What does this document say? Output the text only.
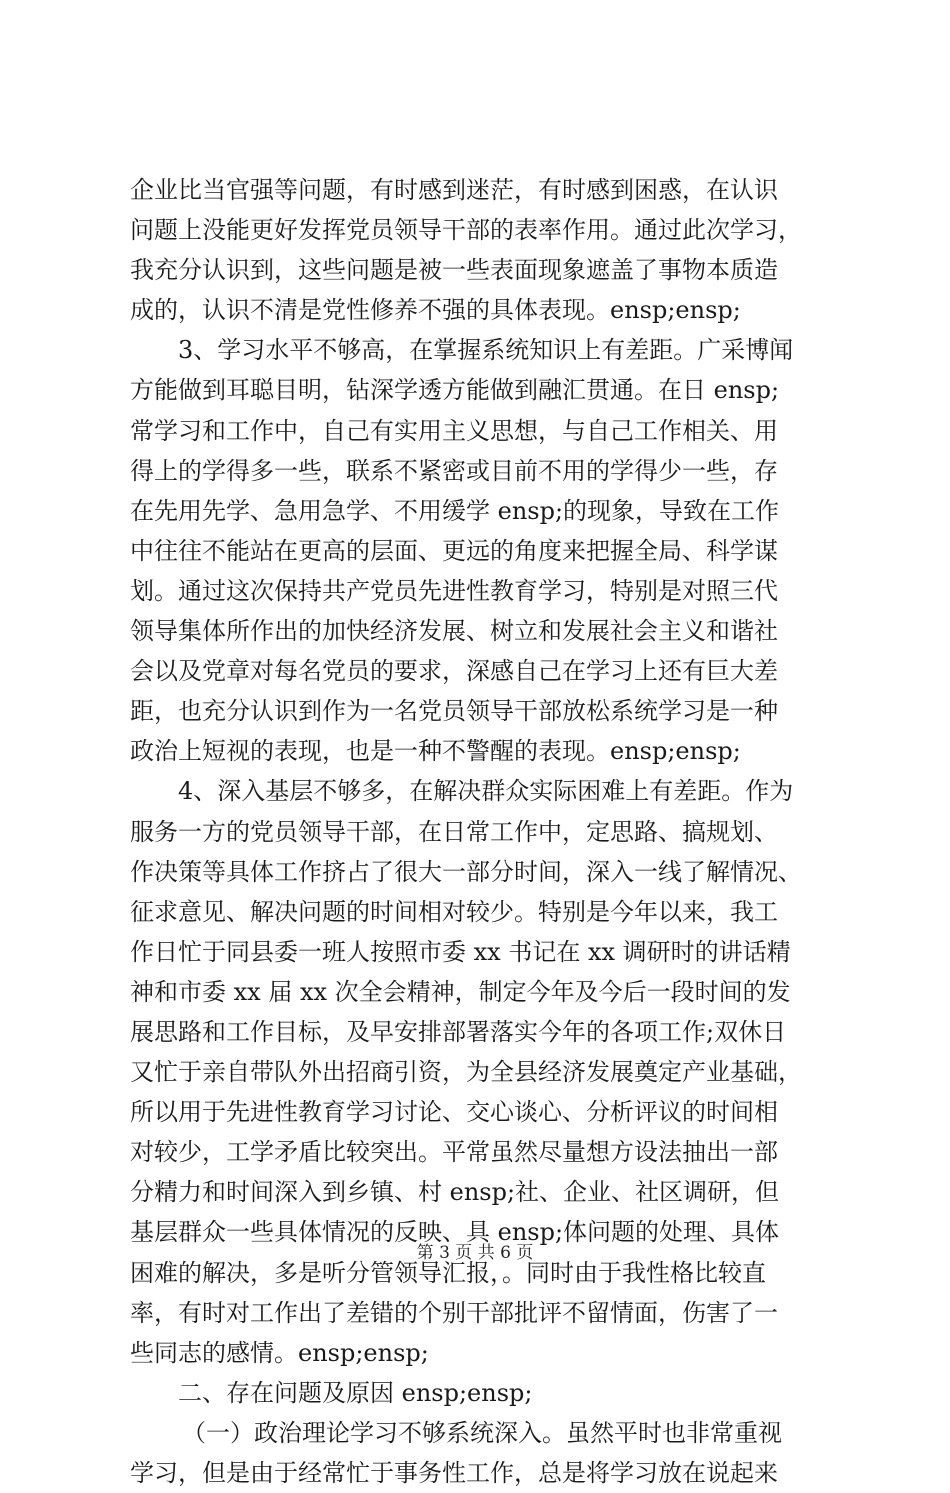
企业比当官强等问题，有时感到迷茫，有时感到困惑，在认识
问题上没能更好发挥党员领导干部的表率作用。通过此次学习，
我充分认识到，这些问题是被一些表面现象遮盖了事物本质造
成的，认识不清是党性修养不强的具体表现。ensp;ensp;
3、学习水平不够高，在掌握系统知识上有差距。广采博闻
方能做到耳聪目明，钻深学透方能做到融汇贯通。在日 ensp;
常学习和工作中，自己有实用主义思想，与自己工作相关、用
得上的学得多一些，联系不紧密或目前不用的学得少一些，存
在先用先学、急用急学、不用缓学 ensp;的现象，导致在工作
中往往不能站在更高的层面、更远的角度来把握全局、科学谋
划。通过这次保持共产党员先进性教育学习，特别是对照三代
领导集体所作出的加快经济发展、树立和发展社会主义和谐社
会以及党章对每名党员的要求，深感自己在学习上还有巨大差
距，也充分认识到作为一名党员领导干部放松系统学习是一种
政治上短视的表现，也是一种不警醒的表现。ensp;ensp;
4、深入基层不够多，在解决群众实际困难上有差距。作为
服务一方的党员领导干部，在日常工作中，定思路、搞规划、
作决策等具体工作挤占了很大一部分时间，深入一线了解情况、
征求意见、解决问题的时间相对较少。特别是今年以来，我工
作日忙于同县委一班人按照市委 xx 书记在 xx 调研时的讲话精
神和市委 xx 届 xx 次全会精神，制定今年及今后一段时间的发
展思路和工作目标，及早安排部署落实今年的各项工作;双休日
又忙于亲自带队外出招商引资，为全县经济发展奠定产业基础，
所以用于先进性教育学习讨论、交心谈心、分析评议的时间相
对较少，工学矛盾比较突出。平常虽然尽量想方设法抽出一部
分精力和时间深入到乡镇、村 ensp;社、企业、社区调研，但
基层群众一些具体情况的反映、具 ensp;体问题的处理、具体
困难的解决，多是听分管领导汇报，。同时由于我性格比较直
率，有时对工作出了差错的个别干部批评不留情面，伤害了一
些同志的感情。ensp;ensp;
二、存在问题及原因 ensp;ensp;
（一）政治理论学习不够系统深入。虽然平时也非常重视
学习，但是由于经常忙于事务性工作，总是将学习放在说起来
第 3 页 共 6 页
